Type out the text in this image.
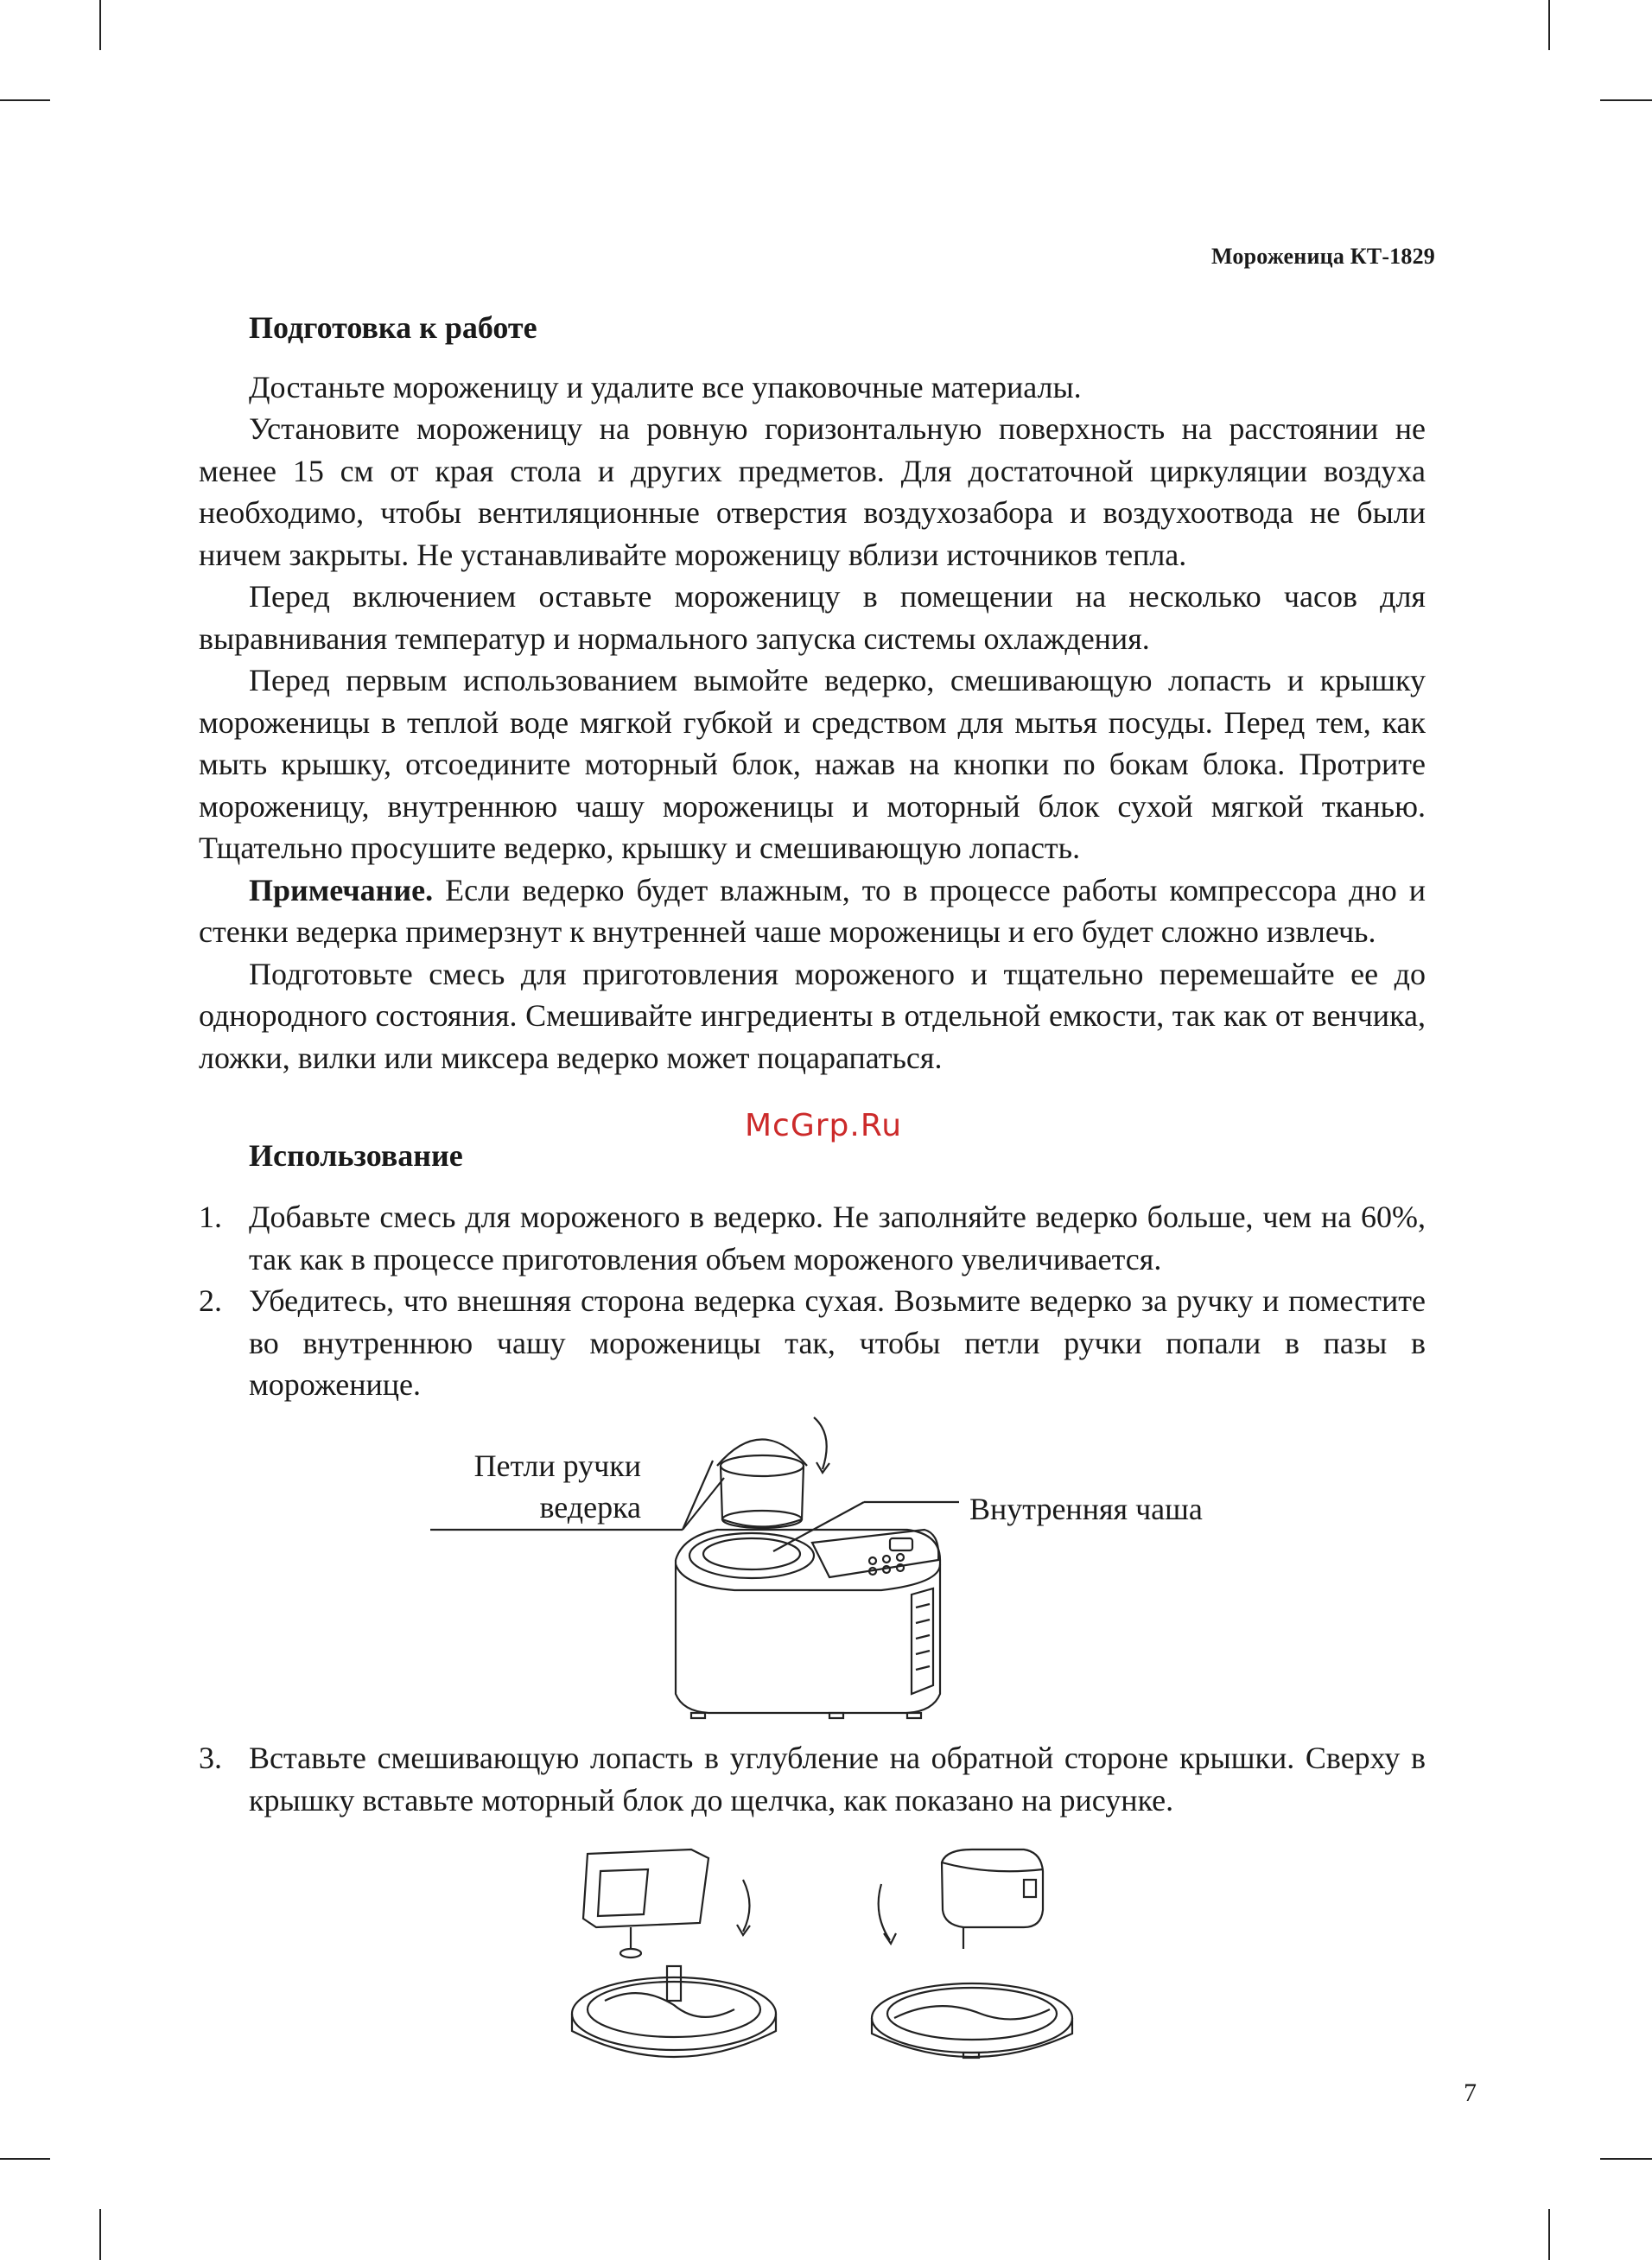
Мороженица КТ-1829
Подготовка к работе

Достаньте мороженицу и удалите все упаковочные материалы.

Установите мороженицу на ровную горизонтальную поверхность на расстоянии не менее 15 см от края стола и других предметов. Для достаточной циркуляции воздуха необходимо, чтобы вентиляционные отверстия воздухозабора и воздухоотвода не были ничем закрыты. Не устанавливайте мороженицу вблизи источников тепла.

Перед включением оставьте мороженицу в помещении на несколько часов для выравнивания температур и нормального запуска системы охлаждения.

Перед первым использованием вымойте ведерко, смешивающую лопасть и крышку мороженицы в теплой воде мягкой губкой и средством для мытья посуды. Перед тем, как мыть крышку, отсоедините моторный блок, нажав на кнопки по бокам блока. Протрите мороженицу, внутреннюю чашу мороженицы и моторный блок сухой мягкой тканью. Тщательно просушите ведерко, крышку и смешивающую лопасть.

Примечание. Если ведерко будет влажным, то в процессе работы компрессора дно и стенки ведерка примерзнут к внутренней чаше мороженицы и его будет сложно извлечь.

Подготовьте смесь для приготовления мороженого и тщательно перемешайте ее до однородного состояния. Смешивайте ингредиенты в отдельной емкости, так как от венчика, ложки, вилки или миксера ведерко может поцарапаться.

McGrp.Ru
Использование
1. Добавьте смесь для мороженого в ведерко. Не заполняйте ведерко больше, чем на 60%, так как в процессе приготовления объем мороженого увеличивается.
2. Убедитесь, что внешняя сторона ведерка сухая. Возьмите ведерко за ручку и поместите во внутреннюю чашу мороженицы так, чтобы петли ручки попали в пазы в мороженице.
Петли ручки
ведерка	Внутренняя чаша
3. Вставьте смешивающую лопасть в углубление на обратной стороне крышки. Сверху в крышку вставьте моторный блок до щелчка, как показано на рисунке.
7
